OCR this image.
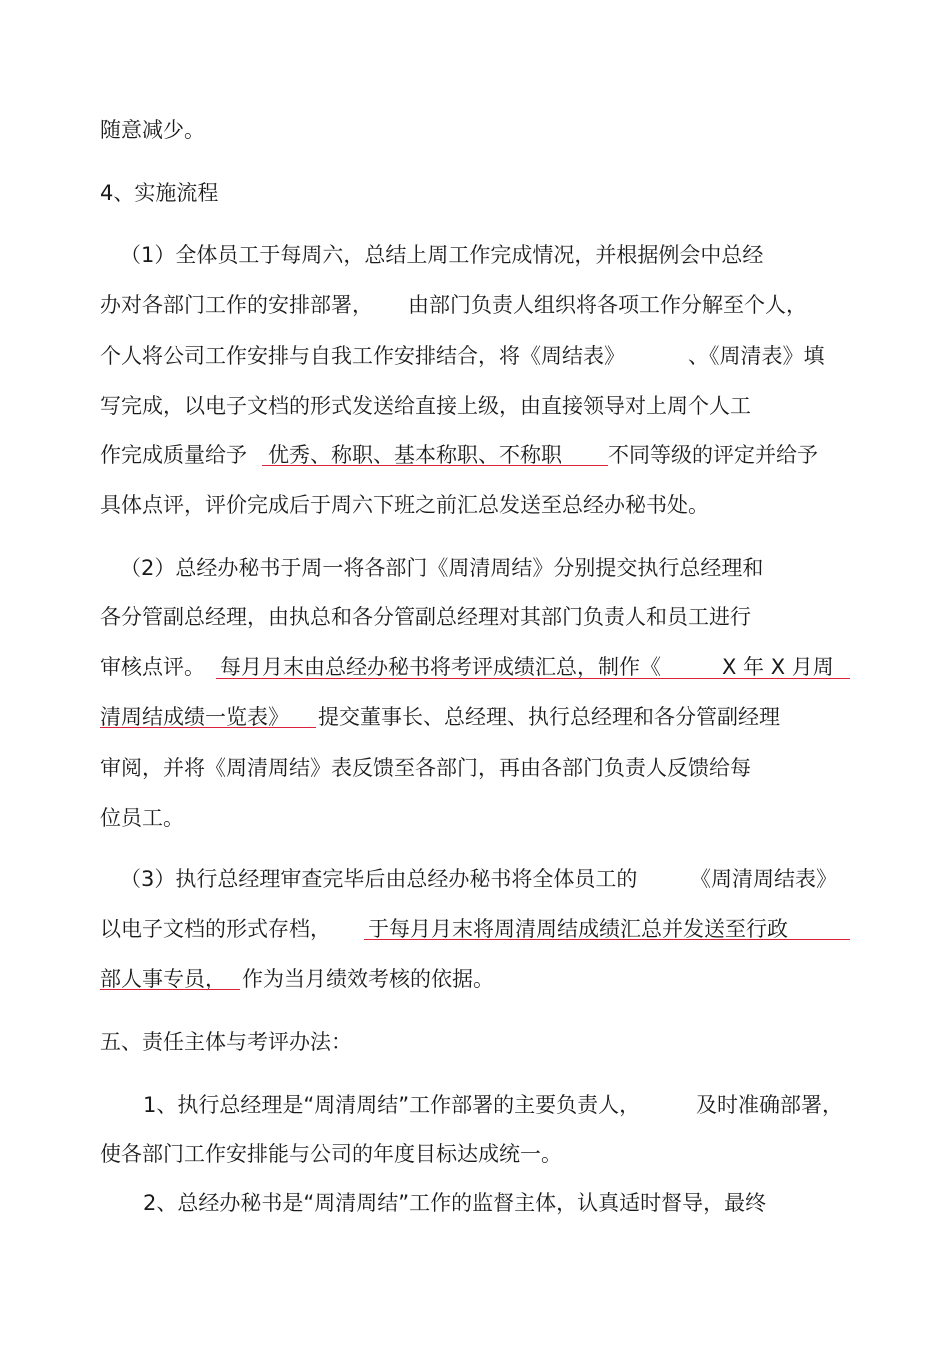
随意减少。
4、实施流程
（1）全体员工于每周六，总结上周工作完成情况，并根据例会中总经
办对各部门工作的安排部署， 由部门负责人组织将各项工作分解至个人，
个人将公司工作安排与自我工作安排结合，将《周结表》	、《周清表》填
写完成，以电子文档的形式发送给直接上级，由直接领导对上周个人工
作完成质量给予 优秀、称职、基本称职、不称职 不同等级的评定并给予
具体点评，评价完成后于周六下班之前汇总发送至总经办秘书处。
（2）总经办秘书于周一将各部门《周清周结》分别提交执行总经理和
各分管副总经理，由执总和各分管副总经理对其部门负责人和员工进行
审核点评。 每月月末由总经办秘书将考评成绩汇总，制作《	X 年 X 月周
清周结成绩一览表》 提交董事长、总经理、执行总经理和各分管副经理
审阅，并将《周清周结》表反馈至各部门，再由各部门负责人反馈给每
位员工。
（3）执行总经理审查完毕后由总经办秘书将全体员工的	《周清周结表》
以电子文档的形式存档， 于每月月末将周清周结成绩汇总并发送至行政
部人事专员， 作为当月绩效考核的依据。
五、责任主体与考评办法：
1、执行总经理是“周清周结”工作部署的主要负责人，	及时准确部署，
使各部门工作安排能与公司的年度目标达成统一。
2、总经办秘书是“周清周结”工作的监督主体，认真适时督导，最终
